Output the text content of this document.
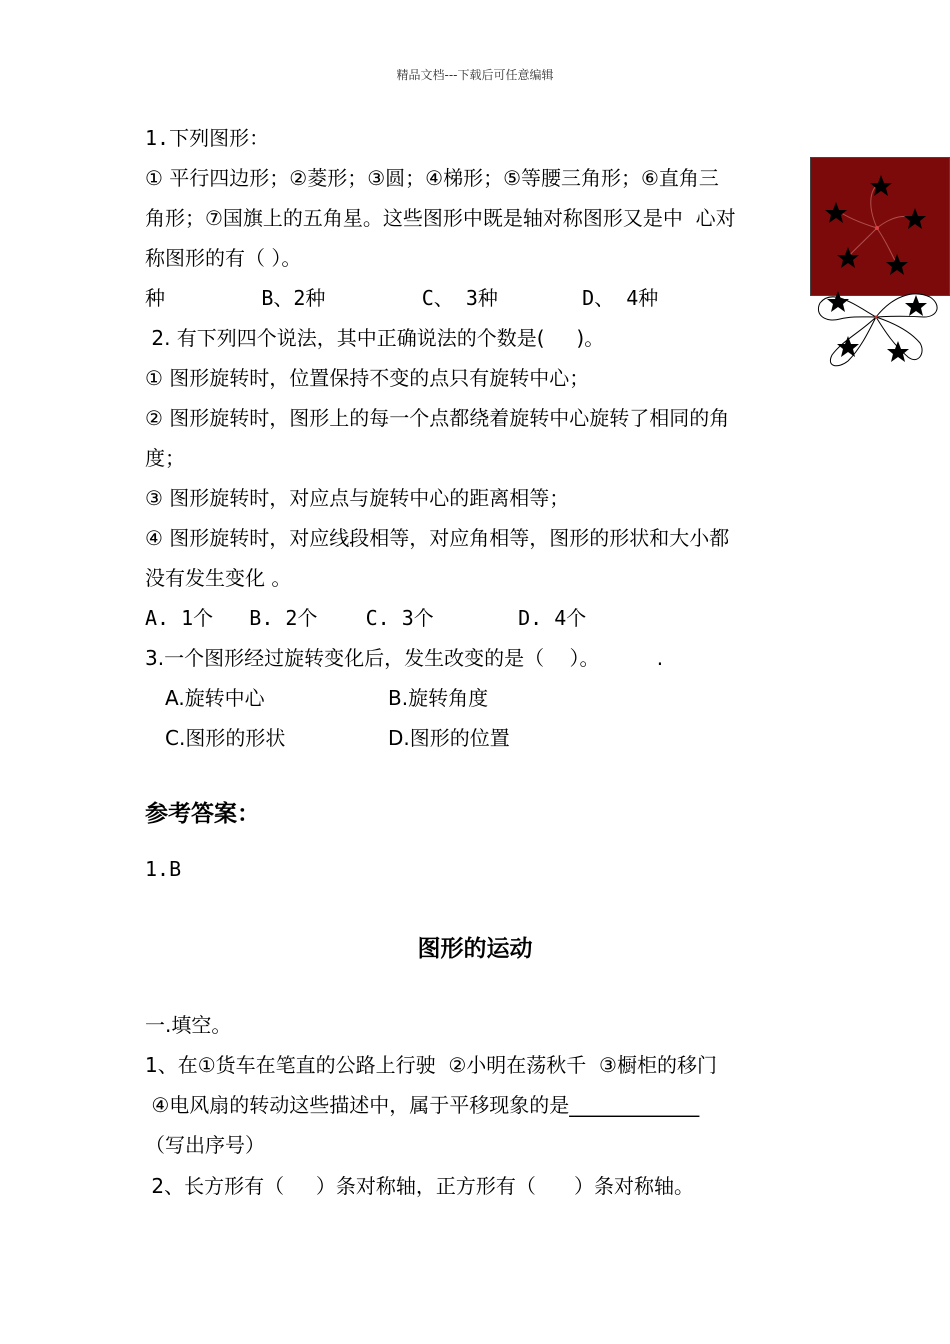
精品文档---下载后可任意编辑
1.下列图形：
① 平行四边形；②菱形；③圆；④梯形；⑤等腰三角形；⑥直角三
角形；⑦国旗上的五角星。这些图形中既是轴对称图形又是中  心对
称图形的有（ ）。
种        B、2种        C、 3种       D、 4种
2. 有下列四个说法，其中正确说法的个数是(     )。
① 图形旋转时，位置保持不变的点只有旋转中心；
② 图形旋转时，图形上的每一个点都绕着旋转中心旋转了相同的角
度；
③ 图形旋转时，对应点与旋转中心的距离相等；
④ 图形旋转时，对应线段相等，对应角相等，图形的形状和大小都
没有发生变化 。
A. 1个   B. 2个    C. 3个       D. 4个
3.一个图形经过旋转变化后，发生改变的是（    ）。         .
A.旋转中心	B.旋转角度
C.图形的形状	D.图形的位置
参考答案：
1.B
图形的运动
一.填空。
1、在①货车在笔直的公路上行驶  ②小明在荡秋千  ③橱柜的移门
④电风扇的转动这些描述中，属于平移现象的是_____________
（写出序号）
2、长方形有（     ）条对称轴，正方形有（      ）条对称轴。
